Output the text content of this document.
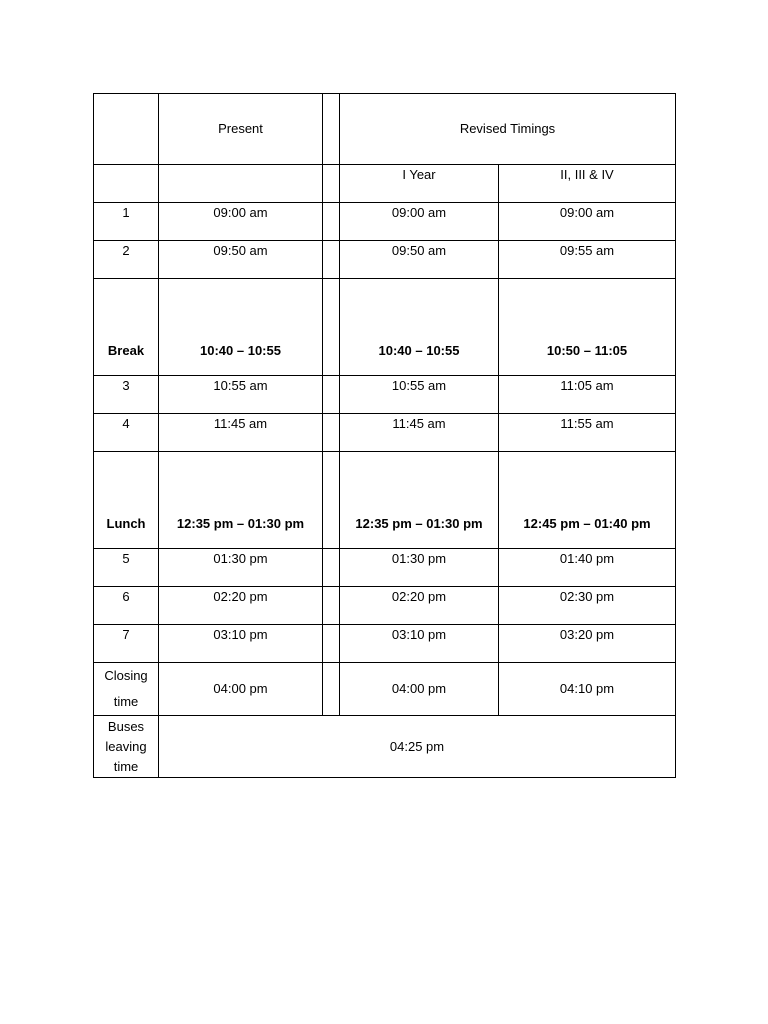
	Present		Revised Timings	
			I Year	II, III & IV
1	09:00 am		09:00 am	09:00 am
2	09:50 am		09:50 am	09:55 am
Break	10:40 – 10:55		10:40 – 10:55	10:50 – 11:05
3	10:55 am		10:55 am	11:05 am
4	11:45 am		11:45 am	11:55 am
Lunch	12:35 pm – 01:30 pm		12:35 pm – 01:30 pm	12:45 pm – 01:40 pm
5	01:30 pm		01:30 pm	01:40 pm
6	02:20 pm		02:20 pm	02:30 pm
7	03:10 pm		03:10 pm	03:20 pm

Closing
time	04:00 pm		04:00 pm	04:10 pm

Buses
leaving
time	04:25 pm			
